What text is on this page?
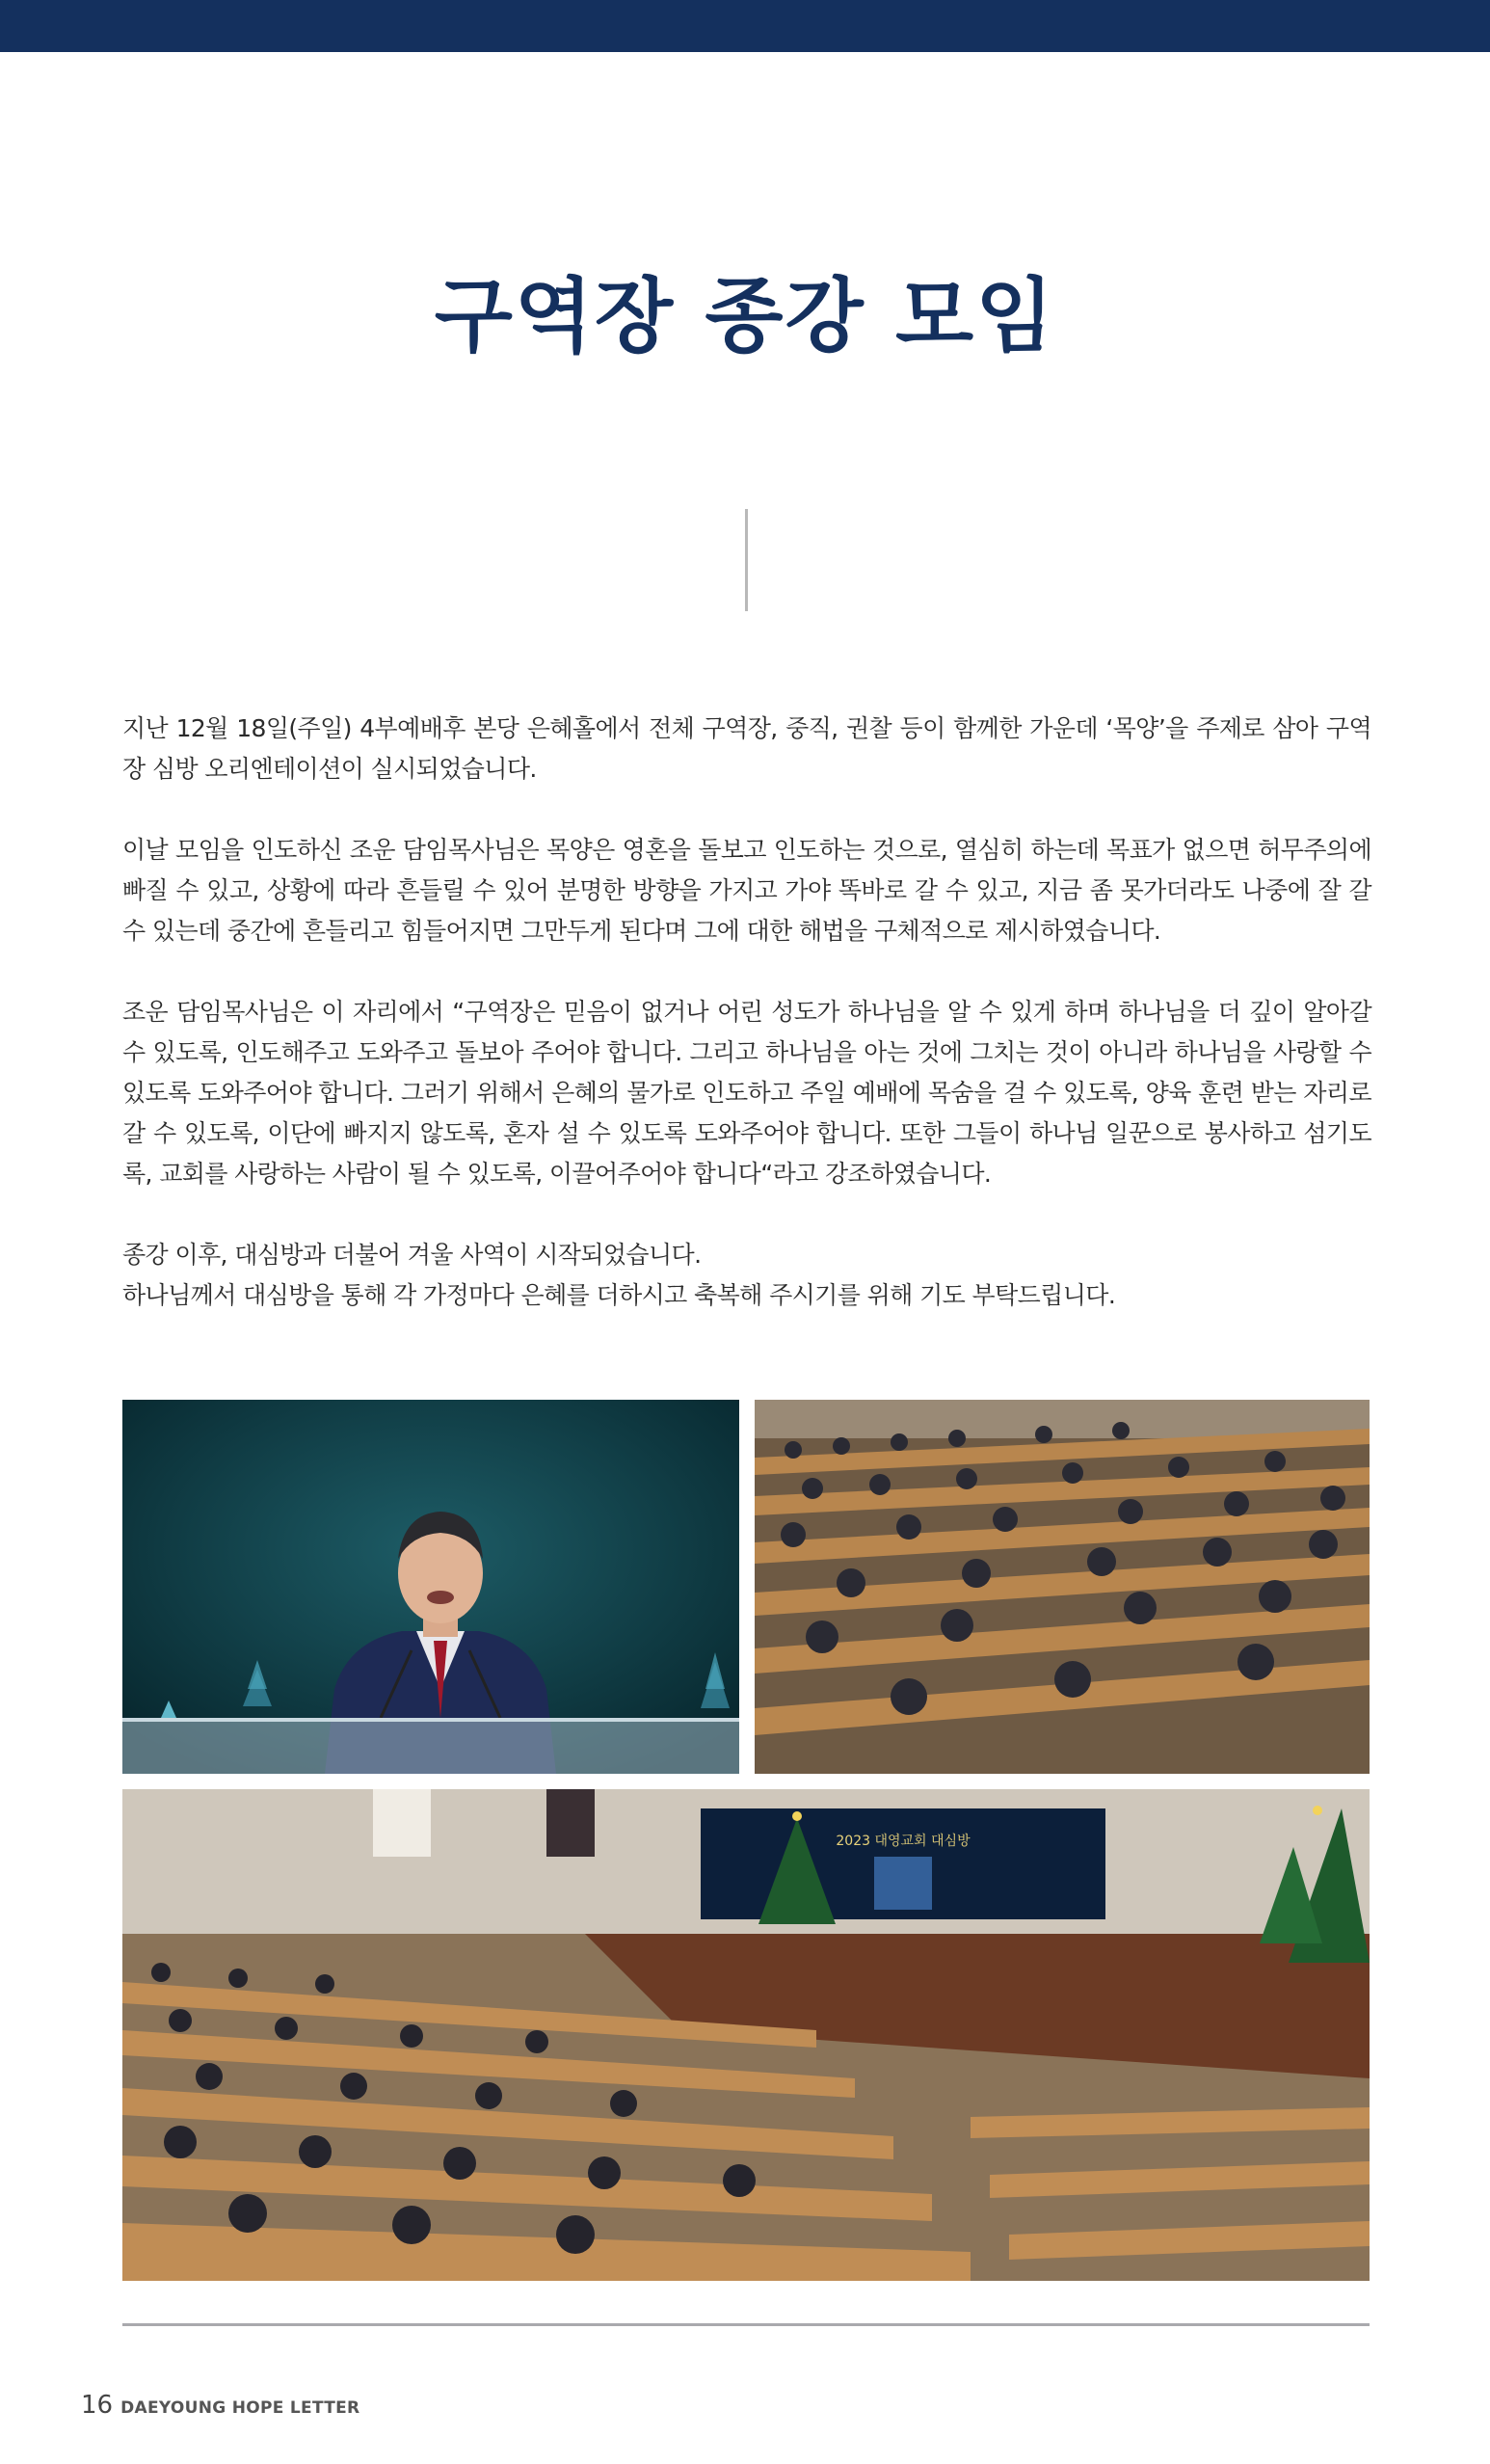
구역장 종강 모임

지난 12월 18일(주일) 4부예배후 본당 은혜홀에서 전체 구역장, 중직, 권찰 등이 함께한 가운데 ‘목양’을 주제로 삼아 구역장 심방 오리엔테이션이 실시되었습니다.

이날 모임을 인도하신 조운 담임목사님은 목양은 영혼을 돌보고 인도하는 것으로, 열심히 하는데 목표가 없으면 허무주의에 빠질 수 있고, 상황에 따라 흔들릴 수 있어 분명한 방향을 가지고 가야 똑바로 갈 수 있고, 지금 좀 못가더라도 나중에 잘 갈 수 있는데 중간에 흔들리고 힘들어지면 그만두게 된다며 그에 대한 해법을 구체적으로 제시하였습니다.

조운 담임목사님은 이 자리에서 “구역장은 믿음이 없거나 어린 성도가 하나님을 알 수 있게 하며 하나님을 더 깊이 알아갈 수 있도록, 인도해주고 도와주고 돌보아 주어야 합니다. 그리고 하나님을 아는 것에 그치는 것이 아니라 하나님을 사랑할 수 있도록 도와주어야 합니다. 그러기 위해서 은혜의 물가로 인도하고 주일 예배에 목숨을 걸 수 있도록, 양육 훈련 받는 자리로 갈 수 있도록, 이단에 빠지지 않도록, 혼자 설 수 있도록 도와주어야 합니다. 또한 그들이 하나님 일꾼으로 봉사하고 섬기도록, 교회를 사랑하는 사람이 될 수 있도록, 이끌어주어야 합니다“라고 강조하였습니다.

종강 이후, 대심방과 더불어 겨울 사역이 시작되었습니다.
하나님께서 대심방을 통해 각 가정마다 은혜를 더하시고 축복해 주시기를 위해 기도 부탁드립니다.

2023 대영교회 대심방
16 DAEYOUNG HOPE LETTER
